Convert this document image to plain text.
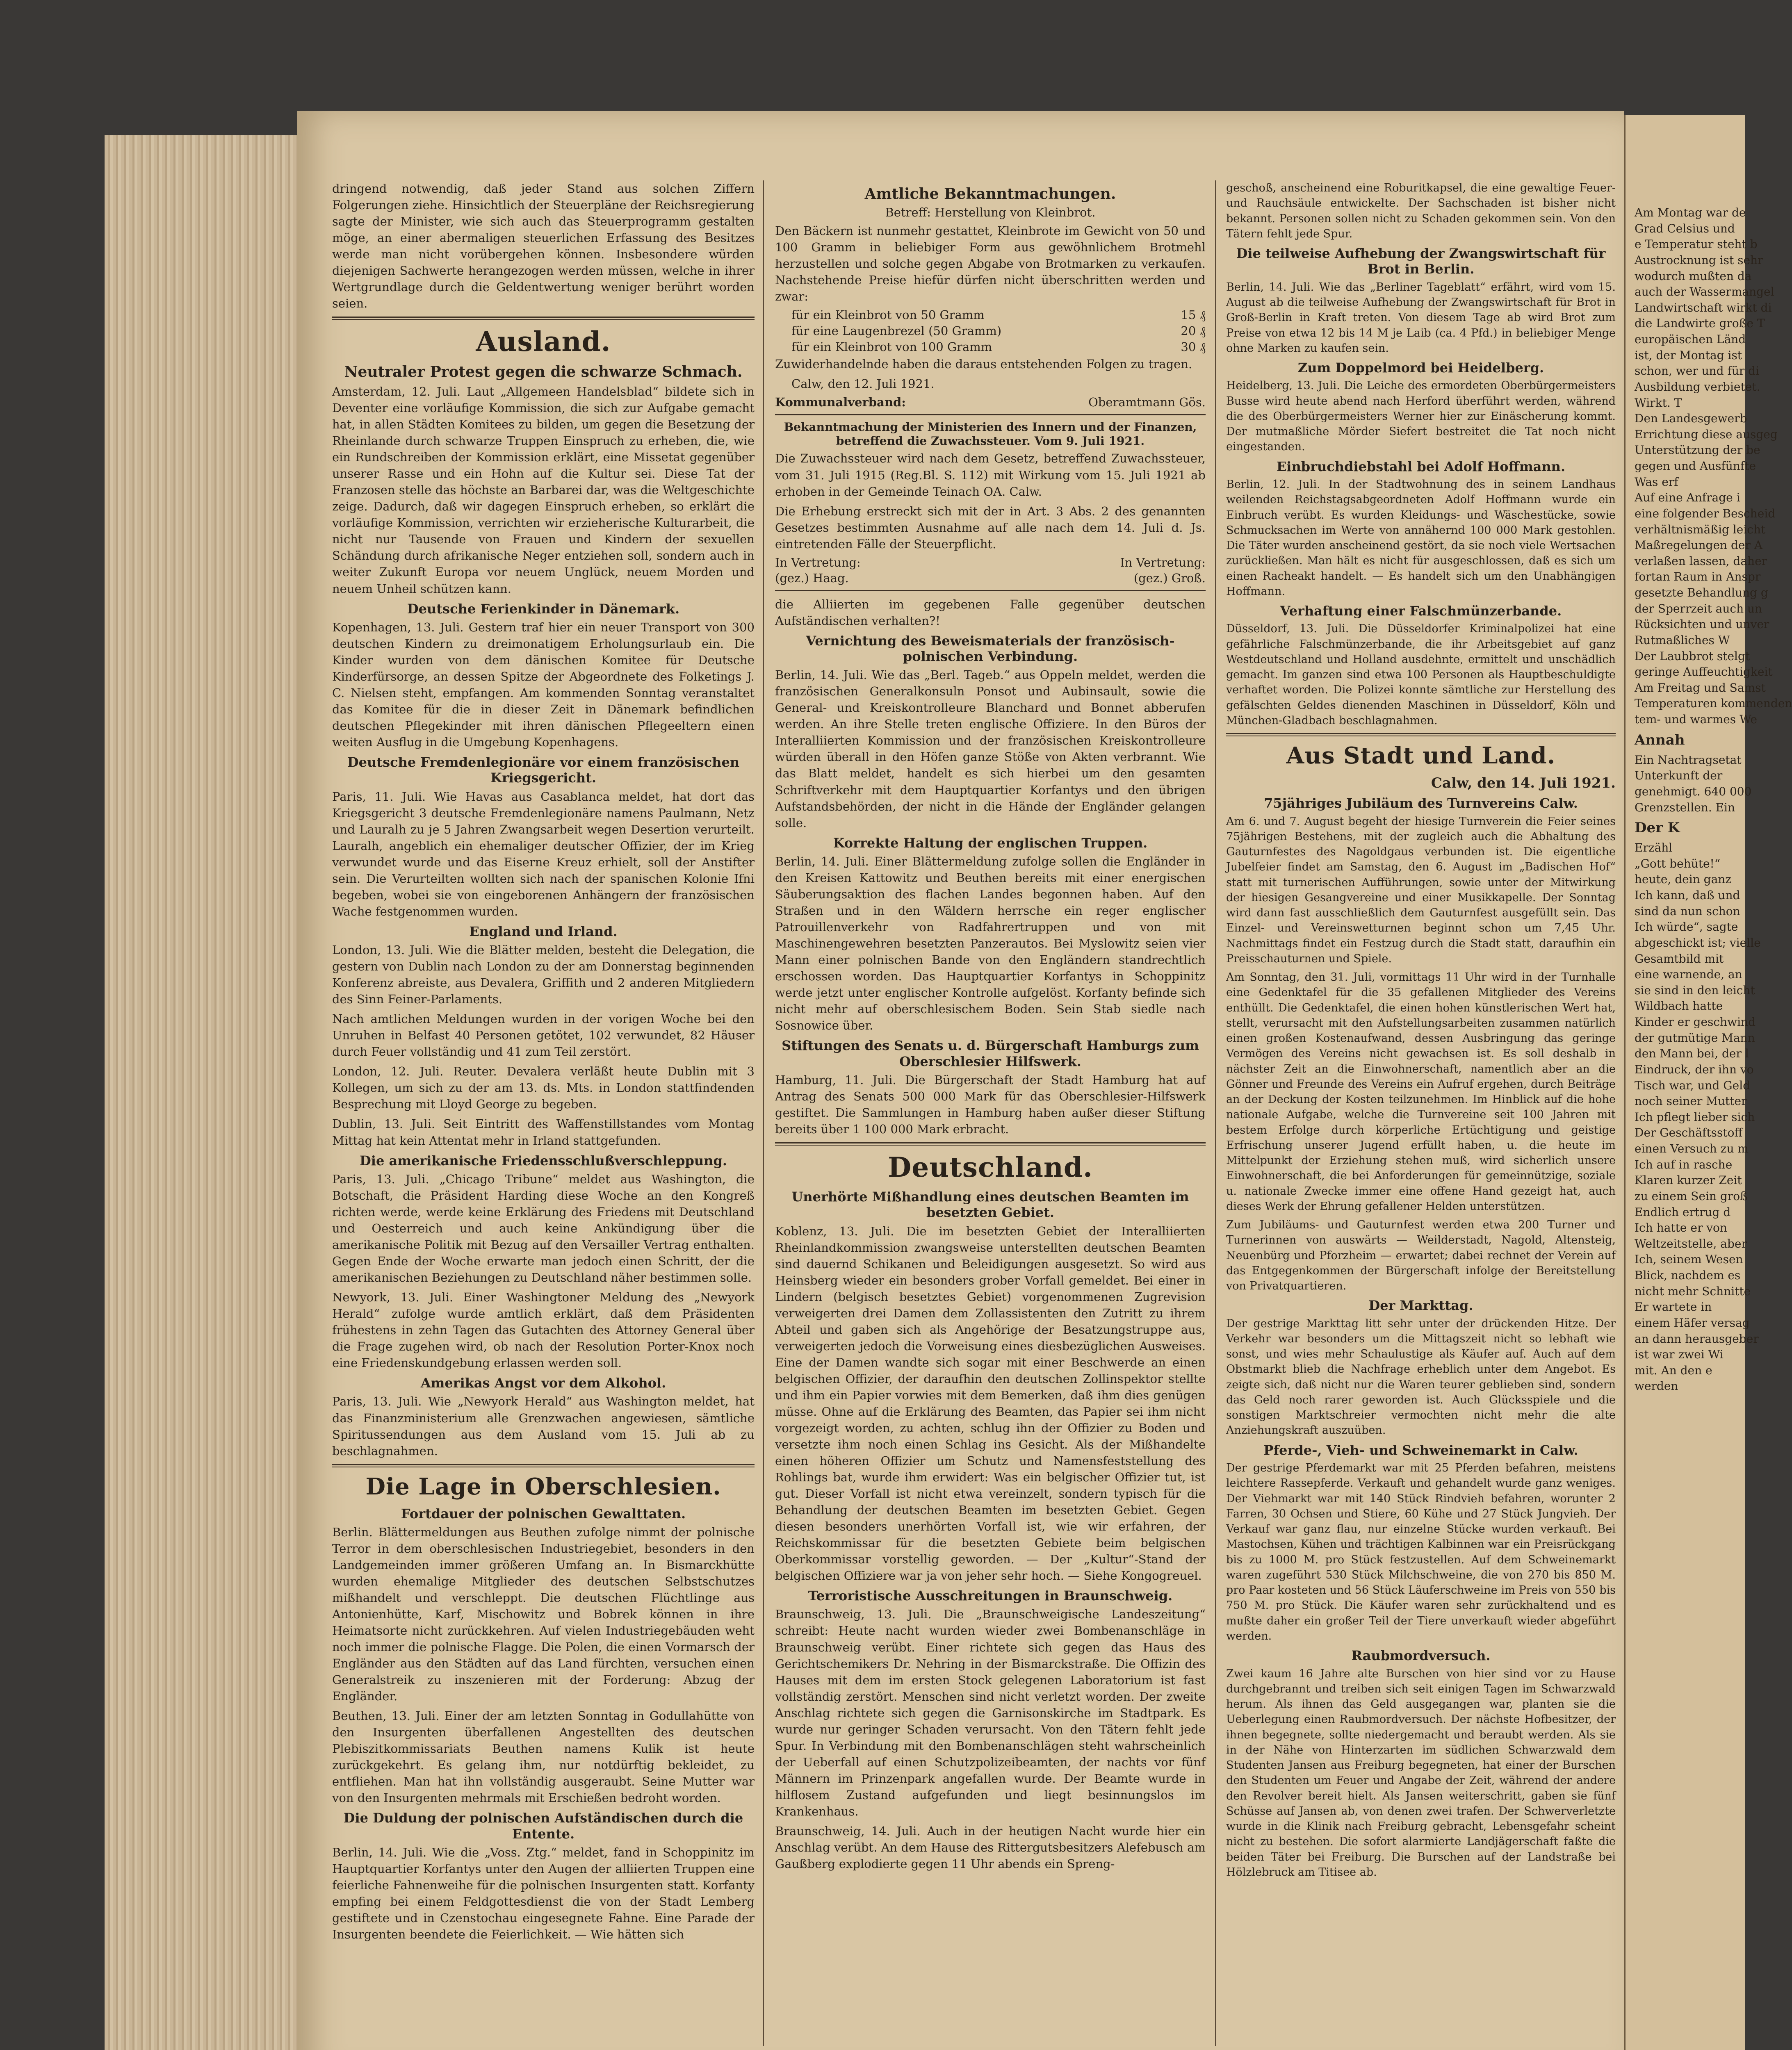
dringend notwendig, daß jeder Stand aus solchen Ziffern Folgerungen ziehe. Hinsichtlich der Steuerpläne der Reichsregierung sagte der Minister, wie sich auch das Steuerprogramm gestalten möge, an einer abermaligen steuerlichen Erfassung des Besitzes werde man nicht vorübergehen können. Insbesondere würden diejenigen Sachwerte herangezogen werden müssen, welche in ihrer Wertgrundlage durch die Geldentwertung weniger berührt worden seien.

Ausland.
Neutraler Protest gegen die schwarze Schmach.

Amsterdam, 12. Juli. Laut „Allgemeen Handelsblad“ bildete sich in Deventer eine vorläufige Kommission, die sich zur Aufgabe gemacht hat, in allen Städten Komitees zu bilden, um gegen die Besetzung der Rheinlande durch schwarze Truppen Einspruch zu erheben, die, wie ein Rundschreiben der Kommission erklärt, eine Missetat gegenüber unserer Rasse und ein Hohn auf die Kultur sei. Diese Tat der Franzosen stelle das höchste an Barbarei dar, was die Weltgeschichte zeige. Dadurch, daß wir dagegen Einspruch erheben, so erklärt die vorläufige Kommission, verrichten wir erzieherische Kulturarbeit, die nicht nur Tausende von Frauen und Kindern der sexuellen Schändung durch afrikanische Neger entziehen soll, sondern auch in weiter Zukunft Europa vor neuem Unglück, neuem Morden und neuem Unheil schützen kann.

Deutsche Ferienkinder in Dänemark.

Kopenhagen, 13. Juli. Gestern traf hier ein neuer Transport von 300 deutschen Kindern zu dreimonatigem Erholungsurlaub ein. Die Kinder wurden von dem dänischen Komitee für Deutsche Kinderfürsorge, an dessen Spitze der Abgeordnete des Folketings J. C. Nielsen steht, empfangen. Am kommenden Sonntag veranstaltet das Komitee für die in dieser Zeit in Dänemark befindlichen deutschen Pflegekinder mit ihren dänischen Pflegeeltern einen weiten Ausflug in die Umgebung Kopenhagens.

Deutsche Fremdenlegionäre vor einem französischen Kriegsgericht.

Paris, 11. Juli. Wie Havas aus Casablanca meldet, hat dort das Kriegsgericht 3 deutsche Fremdenlegionäre namens Paulmann, Netz und Lauralh zu je 5 Jahren Zwangsarbeit wegen Desertion verurteilt. Lauralh, angeblich ein ehemaliger deutscher Offizier, der im Krieg verwundet wurde und das Eiserne Kreuz erhielt, soll der Anstifter sein. Die Verurteilten wollten sich nach der spanischen Kolonie Ifni begeben, wobei sie von eingeborenen Anhängern der französischen Wache festgenommen wurden.

England und Irland.

London, 13. Juli. Wie die Blätter melden, besteht die Delegation, die gestern von Dublin nach London zu der am Donnerstag beginnenden Konferenz abreiste, aus Devalera, Griffith und 2 anderen Mitgliedern des Sinn Feiner-Parlaments.

Nach amtlichen Meldungen wurden in der vorigen Woche bei den Unruhen in Belfast 40 Personen getötet, 102 verwundet, 82 Häuser durch Feuer vollständig und 41 zum Teil zerstört.

London, 12. Juli. Reuter. Devalera verläßt heute Dublin mit 3 Kollegen, um sich zu der am 13. ds. Mts. in London stattfindenden Besprechung mit Lloyd George zu begeben.

Dublin, 13. Juli. Seit Eintritt des Waffenstillstandes vom Montag Mittag hat kein Attentat mehr in Irland stattgefunden.

Die amerikanische Friedensschlußverschleppung.

Paris, 13. Juli. „Chicago Tribune“ meldet aus Washington, die Botschaft, die Präsident Harding diese Woche an den Kongreß richten werde, werde keine Erklärung des Friedens mit Deutschland und Oesterreich und auch keine Ankündigung über die amerikanische Politik mit Bezug auf den Versailler Vertrag enthalten. Gegen Ende der Woche erwarte man jedoch einen Schritt, der die amerikanischen Beziehungen zu Deutschland näher bestimmen solle.

Newyork, 13. Juli. Einer Washingtoner Meldung des „Newyork Herald“ zufolge wurde amtlich erklärt, daß dem Präsidenten frühestens in zehn Tagen das Gutachten des Attorney General über die Frage zugehen wird, ob nach der Resolution Porter-Knox noch eine Friedenskundgebung erlassen werden soll.

Amerikas Angst vor dem Alkohol.

Paris, 13. Juli. Wie „Newyork Herald“ aus Washington meldet, hat das Finanzministerium alle Grenzwachen angewiesen, sämtliche Spiritussendungen aus dem Ausland vom 15. Juli ab zu beschlagnahmen.

Die Lage in Oberschlesien.
Fortdauer der polnischen Gewalttaten.

Berlin. Blättermeldungen aus Beuthen zufolge nimmt der polnische Terror in dem oberschlesischen Industriegebiet, besonders in den Landgemeinden immer größeren Umfang an. In Bismarckhütte wurden ehemalige Mitglieder des deutschen Selbstschutzes mißhandelt und verschleppt. Die deutschen Flüchtlinge aus Antonienhütte, Karf, Mischowitz und Bobrek können in ihre Heimatsorte nicht zurückkehren. Auf vielen Industriegebäuden weht noch immer die polnische Flagge. Die Polen, die einen Vormarsch der Engländer aus den Städten auf das Land fürchten, versuchen einen Generalstreik zu inszenieren mit der Forderung: Abzug der Engländer.

Beuthen, 13. Juli. Einer der am letzten Sonntag in Godullahütte von den Insurgenten überfallenen Angestellten des deutschen Plebiszitkommissariats Beuthen namens Kulik ist heute zurückgekehrt. Es gelang ihm, nur notdürftig bekleidet, zu entfliehen. Man hat ihn vollständig ausgeraubt. Seine Mutter war von den Insurgenten mehrmals mit Erschießen bedroht worden.

Die Duldung der polnischen Aufständischen durch die Entente.

Berlin, 14. Juli. Wie die „Voss. Ztg.“ meldet, fand in Schoppinitz im Hauptquartier Korfantys unter den Augen der alliierten Truppen eine feierliche Fahnenweihe für die polnischen Insurgenten statt. Korfanty empfing bei einem Feldgottesdienst die von der Stadt Lemberg gestiftete und in Czenstochau eingesegnete Fahne. Eine Parade der Insurgenten beendete die Feierlichkeit. — Wie hätten sich

Amtliche Bekanntmachungen.
Betreff: Herstellung von Kleinbrot.

Den Bäckern ist nunmehr gestattet, Kleinbrote im Gewicht von 50 und 100 Gramm in beliebiger Form aus gewöhnlichem Brotmehl herzustellen und solche gegen Abgabe von Brotmarken zu verkaufen. Nachstehende Preise hiefür dürfen nicht überschritten werden und zwar:

für ein Kleinbrot von 50 Gramm	15 ₰
für eine Laugenbrezel (50 Gramm)	20 ₰
für ein Kleinbrot von 100 Gramm	30 ₰

Zuwiderhandelnde haben die daraus entstehenden Folgen zu tragen.

Calw, den 12. Juli 1921.

Kommunalverband:	Oberamtmann Gös.
Bekanntmachung der Ministerien des Innern und der Finanzen, betreffend die Zuwachssteuer. Vom 9. Juli 1921.

Die Zuwachssteuer wird nach dem Gesetz, betreffend Zuwachssteuer, vom 31. Juli 1915 (Reg.Bl. S. 112) mit Wirkung vom 15. Juli 1921 ab erhoben in der Gemeinde Teinach OA. Calw.

Die Erhebung erstreckt sich mit der in Art. 3 Abs. 2 des genannten Gesetzes bestimmten Ausnahme auf alle nach dem 14. Juli d. Js. eintretenden Fälle der Steuerpflicht.

In Vertretung:	In Vertretung:
(gez.) Haag.	(gez.) Groß.

die Alliierten im gegebenen Falle gegenüber deutschen Aufständischen verhalten?!

Vernichtung des Beweismaterials der französisch-polnischen Verbindung.

Berlin, 14. Juli. Wie das „Berl. Tageb.“ aus Oppeln meldet, werden die französischen Generalkonsuln Ponsot und Aubinsault, sowie die General- und Kreiskontrolleure Blanchard und Bonnet abberufen werden. An ihre Stelle treten englische Offiziere. In den Büros der Interalliierten Kommission und der französischen Kreiskontrolleure würden überall in den Höfen ganze Stöße von Akten verbrannt. Wie das Blatt meldet, handelt es sich hierbei um den gesamten Schriftverkehr mit dem Hauptquartier Korfantys und den übrigen Aufstandsbehörden, der nicht in die Hände der Engländer gelangen solle.

Korrekte Haltung der englischen Truppen.

Berlin, 14. Juli. Einer Blättermeldung zufolge sollen die Engländer in den Kreisen Kattowitz und Beuthen bereits mit einer energischen Säuberungsaktion des flachen Landes begonnen haben. Auf den Straßen und in den Wäldern herrsche ein reger englischer Patrouillenverkehr von Radfahrertruppen und von mit Maschinengewehren besetzten Panzerautos. Bei Myslowitz seien vier Mann einer polnischen Bande von den Engländern standrechtlich erschossen worden. Das Hauptquartier Korfantys in Schoppinitz werde jetzt unter englischer Kontrolle aufgelöst. Korfanty befinde sich nicht mehr auf oberschlesischem Boden. Sein Stab siedle nach Sosnowice über.

Stiftungen des Senats u. d. Bürgerschaft Hamburgs zum Oberschlesier Hilfswerk.

Hamburg, 11. Juli. Die Bürgerschaft der Stadt Hamburg hat auf Antrag des Senats 500 000 Mark für das Oberschlesier-Hilfswerk gestiftet. Die Sammlungen in Hamburg haben außer dieser Stiftung bereits über 1 100 000 Mark erbracht.

Deutschland.
Unerhörte Mißhandlung eines deutschen Beamten im besetzten Gebiet.

Koblenz, 13. Juli. Die im besetzten Gebiet der Interalliierten Rheinlandkommission zwangsweise unterstellten deutschen Beamten sind dauernd Schikanen und Beleidigungen ausgesetzt. So wird aus Heinsberg wieder ein besonders grober Vorfall gemeldet. Bei einer in Lindern (belgisch besetztes Gebiet) vorgenommenen Zugrevision verweigerten drei Damen dem Zollassistenten den Zutritt zu ihrem Abteil und gaben sich als Angehörige der Besatzungstruppe aus, verweigerten jedoch die Vorweisung eines diesbezüglichen Ausweises. Eine der Damen wandte sich sogar mit einer Beschwerde an einen belgischen Offizier, der daraufhin den deutschen Zollinspektor stellte und ihm ein Papier vorwies mit dem Bemerken, daß ihm dies genügen müsse. Ohne auf die Erklärung des Beamten, das Papier sei ihm nicht vorgezeigt worden, zu achten, schlug ihn der Offizier zu Boden und versetzte ihm noch einen Schlag ins Gesicht. Als der Mißhandelte einen höheren Offizier um Schutz und Namensfeststellung des Rohlings bat, wurde ihm erwidert: Was ein belgischer Offizier tut, ist gut. Dieser Vorfall ist nicht etwa vereinzelt, sondern typisch für die Behandlung der deutschen Beamten im besetzten Gebiet. Gegen diesen besonders unerhörten Vorfall ist, wie wir erfahren, der Reichskommissar für die besetzten Gebiete beim belgischen Oberkommissar vorstellig geworden. — Der „Kultur“-Stand der belgischen Offiziere war ja von jeher sehr hoch. — Siehe Kongogreuel.

Terroristische Ausschreitungen in Braunschweig.

Braunschweig, 13. Juli. Die „Braunschweigische Landeszeitung“ schreibt: Heute nacht wurden wieder zwei Bombenanschläge in Braunschweig verübt. Einer richtete sich gegen das Haus des Gerichtschemikers Dr. Nehring in der Bismarckstraße. Die Offizin des Hauses mit dem im ersten Stock gelegenen Laboratorium ist fast vollständig zerstört. Menschen sind nicht verletzt worden. Der zweite Anschlag richtete sich gegen die Garnisonskirche im Stadtpark. Es wurde nur geringer Schaden verursacht. Von den Tätern fehlt jede Spur. In Verbindung mit den Bombenanschlägen steht wahrscheinlich der Ueberfall auf einen Schutzpolizeibeamten, der nachts vor fünf Männern im Prinzenpark angefallen wurde. Der Beamte wurde in hilflosem Zustand aufgefunden und liegt besinnungslos im Krankenhaus.

Braunschweig, 14. Juli. Auch in der heutigen Nacht wurde hier ein Anschlag verübt. An dem Hause des Rittergutsbesitzers Alefebusch am Gaußberg explodierte gegen 11 Uhr abends ein Spreng-

geschoß, anscheinend eine Roburitkapsel, die eine gewaltige Feuer- und Rauchsäule entwickelte. Der Sachschaden ist bisher nicht bekannt. Personen sollen nicht zu Schaden gekommen sein. Von den Tätern fehlt jede Spur.

Die teilweise Aufhebung der Zwangswirtschaft für Brot in Berlin.

Berlin, 14. Juli. Wie das „Berliner Tageblatt“ erfährt, wird vom 15. August ab die teilweise Aufhebung der Zwangswirtschaft für Brot in Groß-Berlin in Kraft treten. Von diesem Tage ab wird Brot zum Preise von etwa 12 bis 14 M je Laib (ca. 4 Pfd.) in beliebiger Menge ohne Marken zu kaufen sein.

Zum Doppelmord bei Heidelberg.

Heidelberg, 13. Juli. Die Leiche des ermordeten Oberbürgermeisters Busse wird heute abend nach Herford überführt werden, während die des Oberbürgermeisters Werner hier zur Einäscherung kommt. Der mutmaßliche Mörder Siefert bestreitet die Tat noch nicht eingestanden.

Einbruchdiebstahl bei Adolf Hoffmann.

Berlin, 12. Juli. In der Stadtwohnung des in seinem Landhaus weilenden Reichstagsabgeordneten Adolf Hoffmann wurde ein Einbruch verübt. Es wurden Kleidungs- und Wäschestücke, sowie Schmucksachen im Werte von annähernd 100 000 Mark gestohlen. Die Täter wurden anscheinend gestört, da sie noch viele Wertsachen zurückließen. Man hält es nicht für ausgeschlossen, daß es sich um einen Racheakt handelt. — Es handelt sich um den Unabhängigen Hoffmann.

Verhaftung einer Falschmünzerbande.

Düsseldorf, 13. Juli. Die Düsseldorfer Kriminalpolizei hat eine gefährliche Falschmünzerbande, die ihr Arbeitsgebiet auf ganz Westdeutschland und Holland ausdehnte, ermittelt und unschädlich gemacht. Im ganzen sind etwa 100 Personen als Hauptbeschuldigte verhaftet worden. Die Polizei konnte sämtliche zur Herstellung des gefälschten Geldes dienenden Maschinen in Düsseldorf, Köln und München-Gladbach beschlagnahmen.

Aus Stadt und Land.
Calw, den 14. Juli 1921.
75jähriges Jubiläum des Turnvereins Calw.

Am 6. und 7. August begeht der hiesige Turnverein die Feier seines 75jährigen Bestehens, mit der zugleich auch die Abhaltung des Gauturnfestes des Nagoldgaus verbunden ist. Die eigentliche Jubelfeier findet am Samstag, den 6. August im „Badischen Hof“ statt mit turnerischen Aufführungen, sowie unter der Mitwirkung der hiesigen Gesangvereine und einer Musikkapelle. Der Sonntag wird dann fast ausschließlich dem Gauturnfest ausgefüllt sein. Das Einzel- und Vereinswetturnen beginnt schon um 7,45 Uhr. Nachmittags findet ein Festzug durch die Stadt statt, daraufhin ein Preisschauturnen und Spiele.

Am Sonntag, den 31. Juli, vormittags 11 Uhr wird in der Turnhalle eine Gedenktafel für die 35 gefallenen Mitglieder des Vereins enthüllt. Die Gedenktafel, die einen hohen künstlerischen Wert hat, stellt, verursacht mit den Aufstellungsarbeiten zusammen natürlich einen großen Kostenaufwand, dessen Ausbringung das geringe Vermögen des Vereins nicht gewachsen ist. Es soll deshalb in nächster Zeit an die Einwohnerschaft, namentlich aber an die Gönner und Freunde des Vereins ein Aufruf ergehen, durch Beiträge an der Deckung der Kosten teilzunehmen. Im Hinblick auf die hohe nationale Aufgabe, welche die Turnvereine seit 100 Jahren mit bestem Erfolge durch körperliche Ertüchtigung und geistige Erfrischung unserer Jugend erfüllt haben, u. die heute im Mittelpunkt der Erziehung stehen muß, wird sicherlich unsere Einwohnerschaft, die bei Anforderungen für gemeinnützige, soziale u. nationale Zwecke immer eine offene Hand gezeigt hat, auch dieses Werk der Ehrung gefallener Helden unterstützen.

Zum Jubiläums- und Gauturnfest werden etwa 200 Turner und Turnerinnen von auswärts — Weilderstadt, Nagold, Altensteig, Neuenbürg und Pforzheim — erwartet; dabei rechnet der Verein auf das Entgegenkommen der Bürgerschaft infolge der Bereitstellung von Privatquartieren.

Der Markttag.

Der gestrige Markttag litt sehr unter der drückenden Hitze. Der Verkehr war besonders um die Mittagszeit nicht so lebhaft wie sonst, und wies mehr Schaulustige als Käufer auf. Auch auf dem Obstmarkt blieb die Nachfrage erheblich unter dem Angebot. Es zeigte sich, daß nicht nur die Waren teurer geblieben sind, sondern das Geld noch rarer geworden ist. Auch Glücksspiele und die sonstigen Marktschreier vermochten nicht mehr die alte Anziehungskraft auszuüben.

Pferde-, Vieh- und Schweinemarkt in Calw.

Der gestrige Pferdemarkt war mit 25 Pferden befahren, meistens leichtere Rassepferde. Verkauft und gehandelt wurde ganz weniges. Der Viehmarkt war mit 140 Stück Rindvieh befahren, worunter 2 Farren, 30 Ochsen und Stiere, 60 Kühe und 27 Stück Jungvieh. Der Verkauf war ganz flau, nur einzelne Stücke wurden verkauft. Bei Mastochsen, Kühen und trächtigen Kalbinnen war ein Preisrückgang bis zu 1000 M. pro Stück festzustellen. Auf dem Schweinemarkt waren zugeführt 530 Stück Milchschweine, die von 270 bis 850 M. pro Paar kosteten und 56 Stück Läuferschweine im Preis von 550 bis 750 M. pro Stück. Die Käufer waren sehr zurückhaltend und es mußte daher ein großer Teil der Tiere unverkauft wieder abgeführt werden.

Raubmordversuch.

Zwei kaum 16 Jahre alte Burschen von hier sind vor zu Hause durchgebrannt und treiben sich seit einigen Tagen im Schwarzwald herum. Als ihnen das Geld ausgegangen war, planten sie die Ueberlegung einen Raubmordversuch. Der nächste Hofbesitzer, der ihnen begegnete, sollte niedergemacht und beraubt werden. Als sie in der Nähe von Hinterzarten im südlichen Schwarzwald dem Studenten Jansen aus Freiburg begegneten, hat einer der Burschen den Studenten um Feuer und Angabe der Zeit, während der andere den Revolver bereit hielt. Als Jansen weiterschritt, gaben sie fünf Schüsse auf Jansen ab, von denen zwei trafen. Der Schwerverletzte wurde in die Klinik nach Freiburg gebracht, Lebensgefahr scheint nicht zu bestehen. Die sofort alarmierte Landjägerschaft faßte die beiden Täter bei Freiburg. Die Burschen auf der Landstraße bei Hölzlebruck am Titisee ab.

Am Montag war de
Grad Celsius und
e Temperatur steht b
Austrocknung ist sehr
wodurch mußten da
auch der Wassermangel
Landwirtschaft wirkt di
die Landwirte große T
europäischen Länd
ist, der Montag ist
schon, wer und für di
Ausbildung verbietet.
Wirkt. T
Den Landesgewerb
Errichtung diese ausgeg
Unterstützung der be
gegen und Ausfünfte
Was erf
Auf eine Anfrage i
eine folgender Bescheid
verhältnismäßig leicht
Maßregelungen der A
verlaßen lassen, daher
fortan Raum in Anspr
gesetzte Behandlung g
der Sperrzeit auch un
Rücksichten und unver
Rutmaßliches W
Der Laubbrot stelgt
geringe Auffeuchtigkeit
Am Freitag und Samst
Temperaturen kommenden
tem- und warmes We
Annah
Ein Nachtragsetat
Unterkunft der
genehmigt. 640 000
Grenzstellen. Ein
Der K
Erzähl
„Gott behüte!“
heute, dein ganz
Ich kann, daß und
sind da nun schon
Ich würde“, sagte
abgeschickt ist; vielle
Gesamtbild mit
eine warnende, an
sie sind in den leicht
Wildbach hatte
Kinder er geschwind
der gutmütige Mann
den Mann bei, der l
Eindruck, der ihn vo
Tisch war, und Geld
noch seiner Mutter
Ich pflegt lieber sich
Der Geschäftsstoff
einen Versuch zu m
Ich auf in rasche
Klaren kurzer Zeit
zu einem Sein groß
Endlich ertrug d
Ich hatte er von
Weltzeitstelle, aber
Ich, seinem Wesen
Blick, nachdem es
nicht mehr Schnitte
Er wartete in
einem Häfer versag
an dann herausgeber
ist war zwei Wi
mit. An den e
werden
